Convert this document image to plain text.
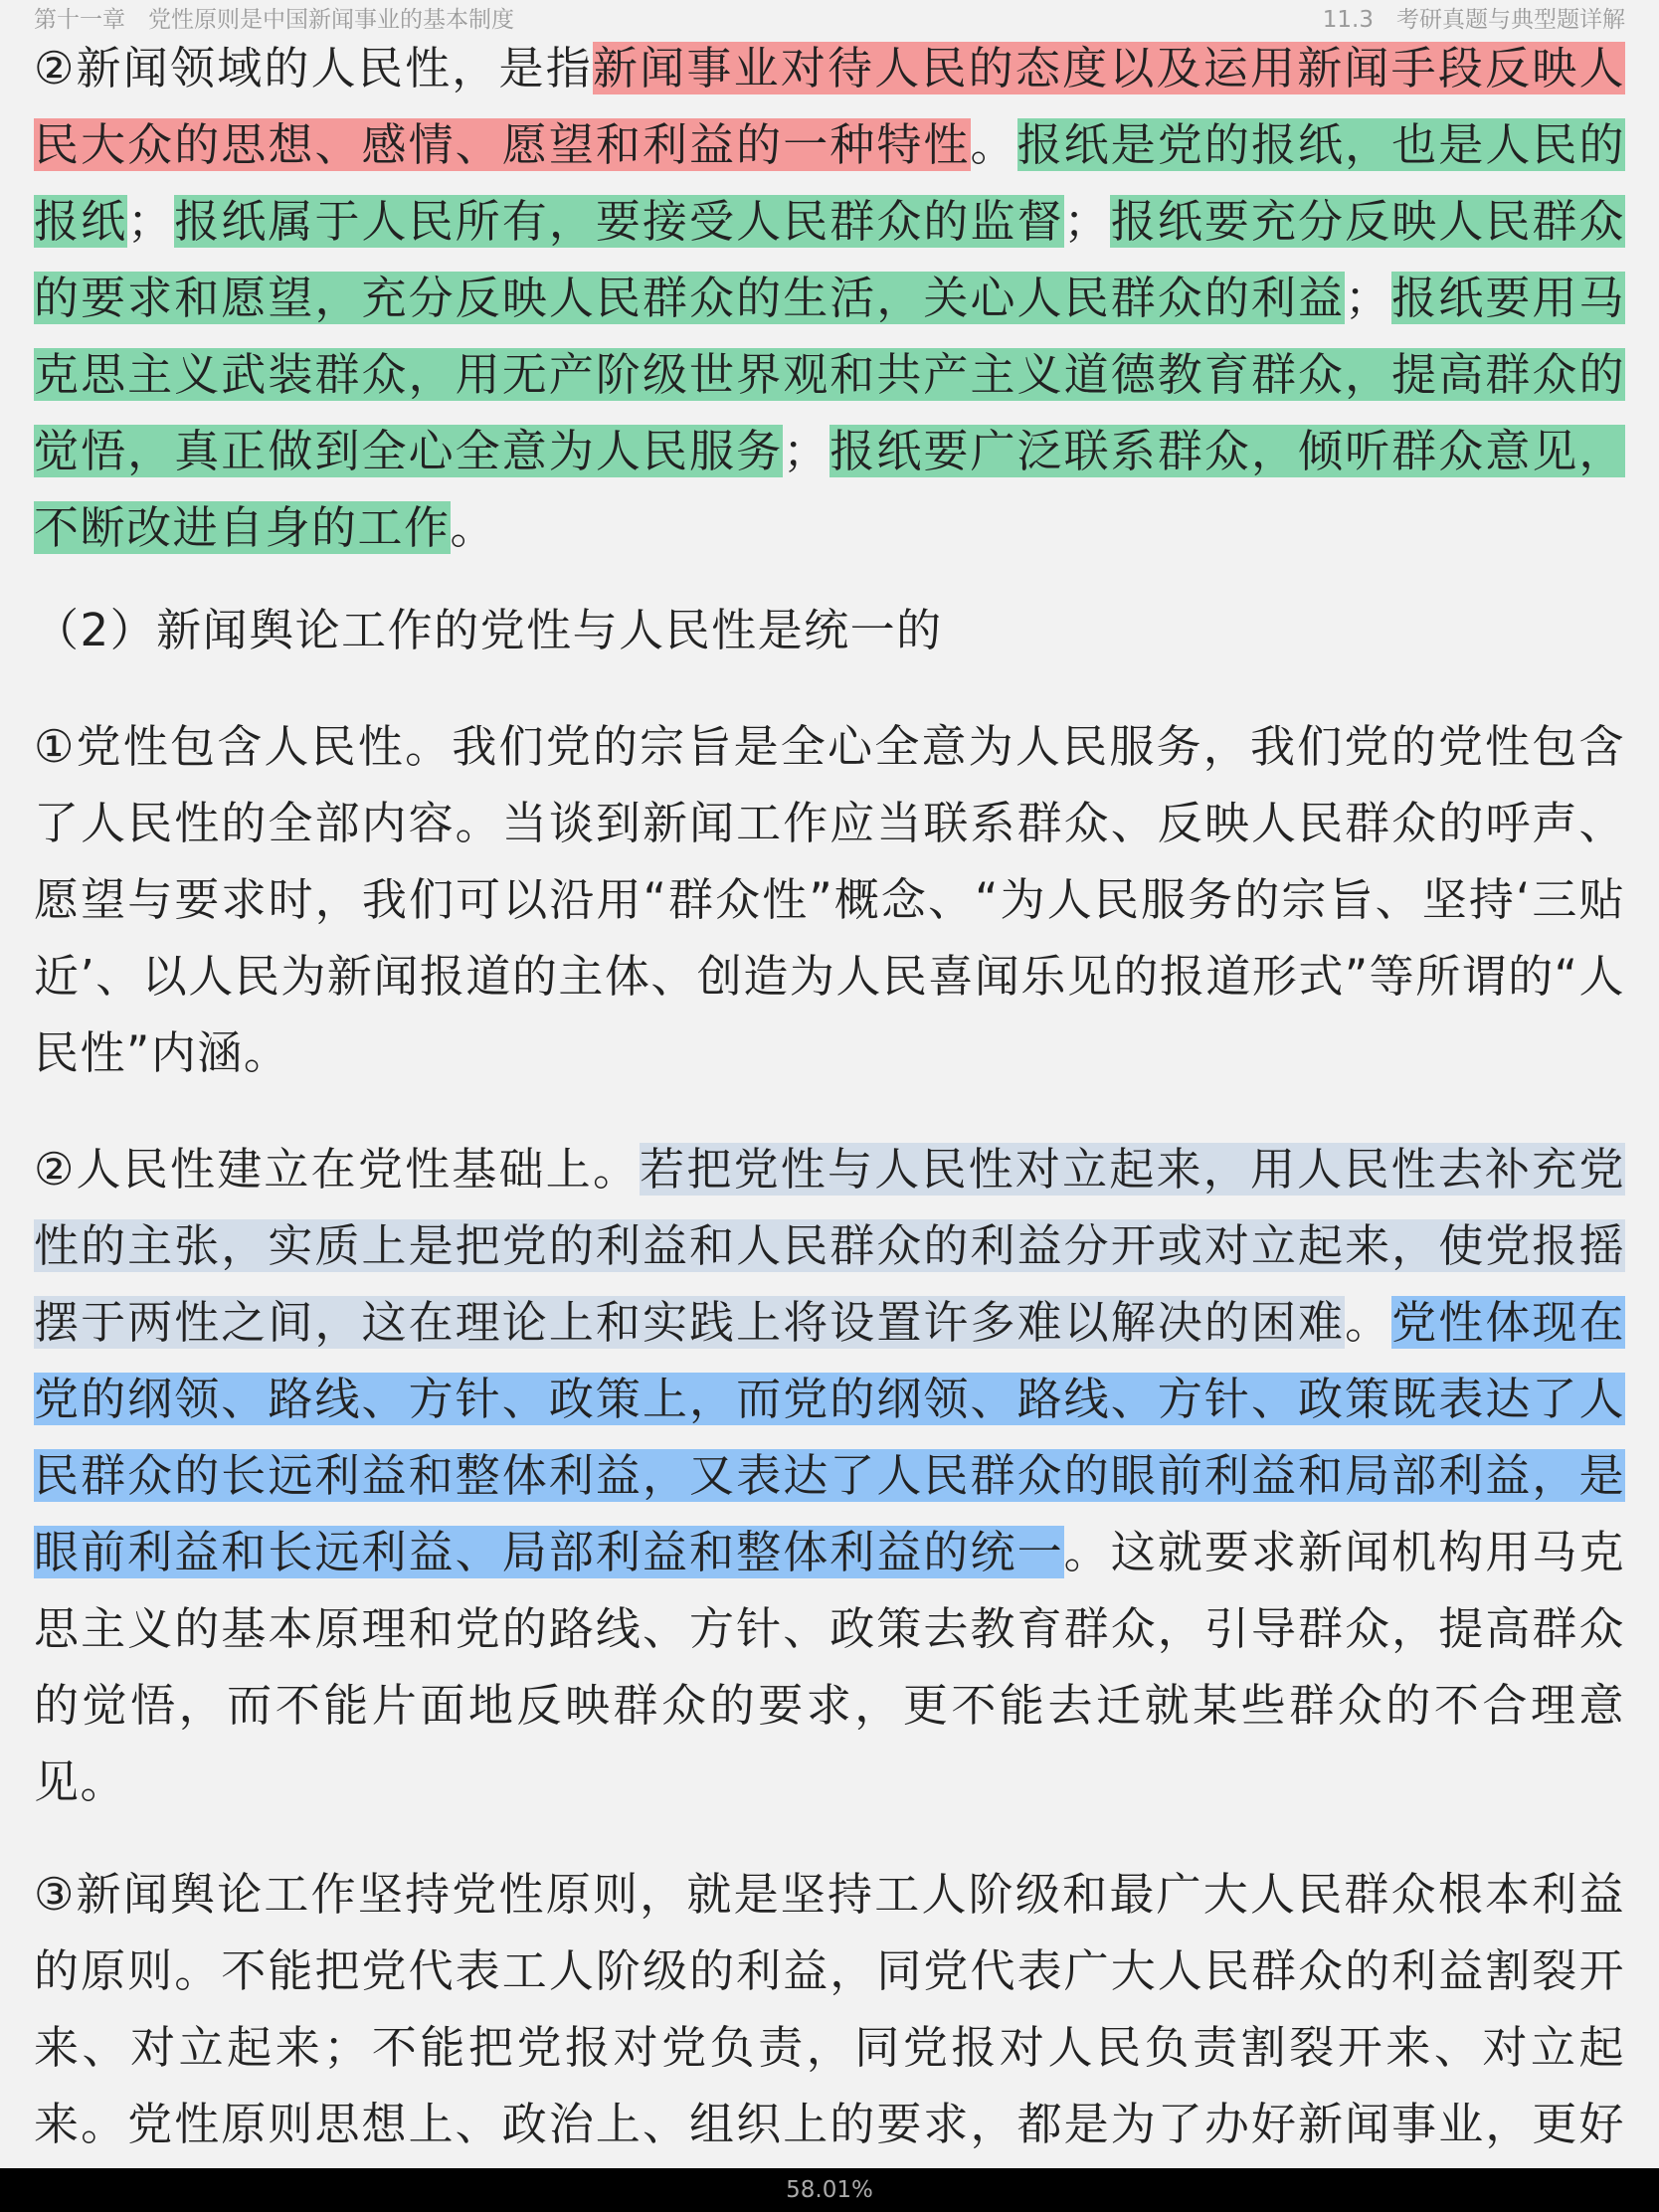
第十一章　党性原则是中国新闻事业的基本制度	11.3　考研真题与典型题详解
②新闻领域的人民性，是指新闻事业对待人民的态度以及运用新闻手段反映人民大众的思想、感情、愿望和利益的一种特性。报纸是党的报纸，也是人民的报纸；报纸属于人民所有，要接受人民群众的监督；报纸要充分反映人民群众的要求和愿望，充分反映人民群众的生活，关心人民群众的利益；报纸要用马克思主义武装群众，用无产阶级世界观和共产主义道德教育群众，提高群众的觉悟，真正做到全心全意为人民服务；报纸要广泛联系群众，倾听群众意见，不断改进自身的工作。
（2）新闻舆论工作的党性与人民性是统一的
①党性包含人民性。我们党的宗旨是全心全意为人民服务，我们党的党性包含了人民性的全部内容。当谈到新闻工作应当联系群众、反映人民群众的呼声、愿望与要求时，我们可以沿用“群众性”概念、“为人民服务的宗旨、坚持‘三贴近’、以人民为新闻报道的主体、创造为人民喜闻乐见的报道形式”等所谓的“人民性”内涵。
②人民性建立在党性基础上。若把党性与人民性对立起来，用人民性去补充党性的主张，实质上是把党的利益和人民群众的利益分开或对立起来，使党报摇摆于两性之间，这在理论上和实践上将设置许多难以解决的困难。党性体现在党的纲领、路线、方针、政策上，而党的纲领、路线、方针、政策既表达了人民群众的长远利益和整体利益，又表达了人民群众的眼前利益和局部利益，是眼前利益和长远利益、局部利益和整体利益的统一。这就要求新闻机构用马克思主义的基本原理和党的路线、方针、政策去教育群众，引导群众，提高群众的觉悟，而不能片面地反映群众的要求，更不能去迁就某些群众的不合理意见。
③新闻舆论工作坚持党性原则，就是坚持工人阶级和最广大人民群众根本利益的原则。不能把党代表工人阶级的利益，同党代表广大人民群众的利益割裂开来、对立起来；不能把党报对党负责，同党报对人民负责割裂开来、对立起来。党性原则思想上、政治上、组织上的要求，都是为了办好新闻事业，更好
58.01%
